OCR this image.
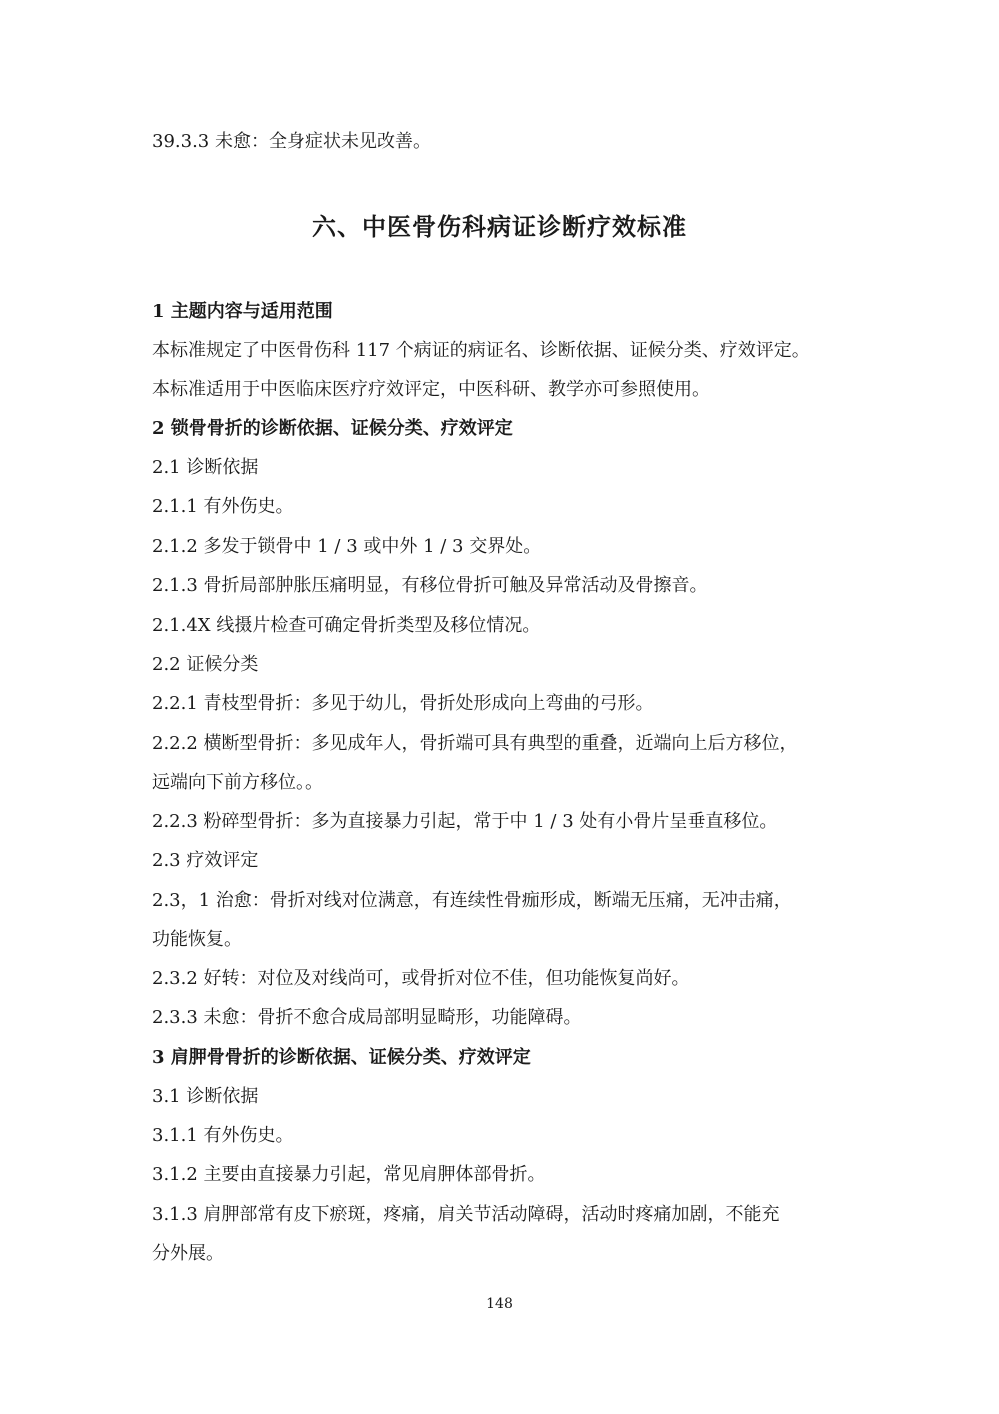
39.3.3 未愈：全身症状未见改善。
六、中医骨伤科病证诊断疗效标准
1 主题内容与适用范围
本标准规定了中医骨伤科 117 个病证的病证名、诊断依据、证候分类、疗效评定。
本标准适用于中医临床医疗疗效评定，中医科研、教学亦可参照使用。
2 锁骨骨折的诊断依据、证候分类、疗效评定
2.1 诊断依据
2.1.1 有外伤史。
2.1.2 多发于锁骨中 1 / 3 或中外 1 / 3 交界处。
2.1.3 骨折局部肿胀压痛明显，有移位骨折可触及异常活动及骨擦音。
2.1.4X 线摄片检查可确定骨折类型及移位情况。
2.2 证候分类
2.2.1 青枝型骨折：多见于幼儿，骨折处形成向上弯曲的弓形。
2.2.2 横断型骨折：多见成年人，骨折端可具有典型的重叠，近端向上后方移位，
远端向下前方移位。。
2.2.3 粉碎型骨折：多为直接暴力引起，常于中 1 / 3 处有小骨片呈垂直移位。
2.3 疗效评定
2.3，1 治愈：骨折对线对位满意，有连续性骨痂形成，断端无压痛，无冲击痛，
功能恢复。
2.3.2 好转：对位及对线尚可，或骨折对位不佳，但功能恢复尚好。
2.3.3 未愈：骨折不愈合成局部明显畸形，功能障碍。
3 肩胛骨骨折的诊断依据、证候分类、疗效评定
3.1 诊断依据
3.1.1 有外伤史。
3.1.2 主要由直接暴力引起，常见肩胛体部骨折。
3.1.3 肩胛部常有皮下瘀斑，疼痛，肩关节活动障碍，活动时疼痛加剧，不能充
分外展。
148
